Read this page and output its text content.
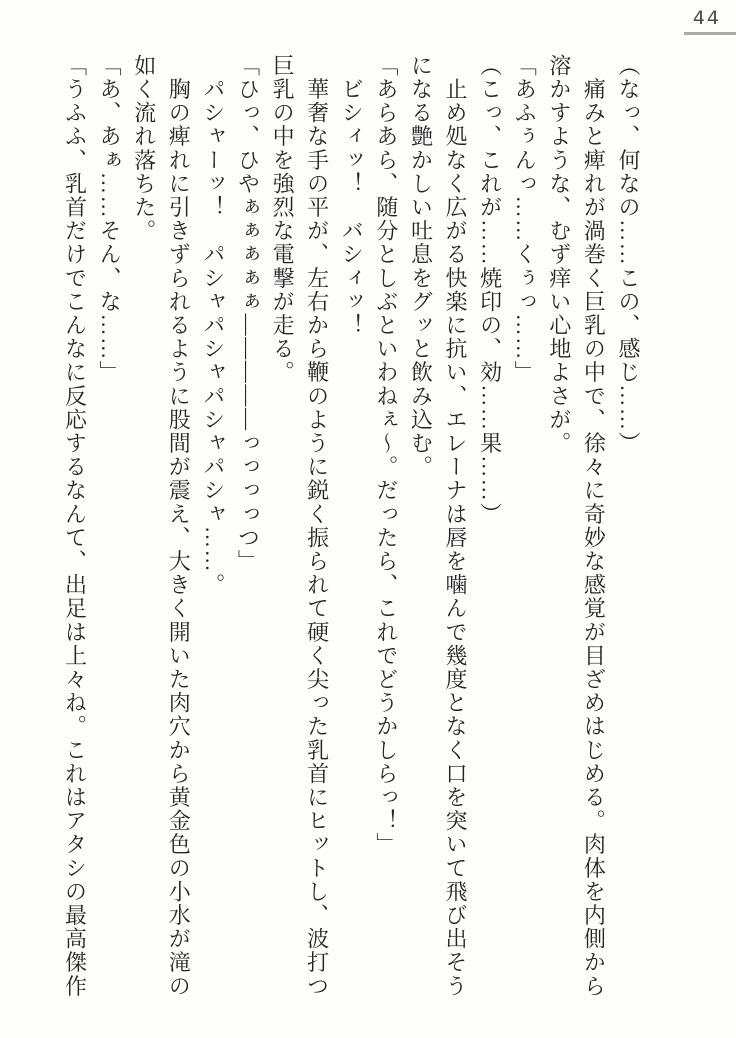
44
（なっ、何なの……この、感じ……）
　痛みと痺れが渦巻く巨乳の中で、徐々に奇妙な感覚が目ざめはじめる。肉体を内側から
溶かすような、むず痒い心地よさが。
「あふぅんっ……くぅっ……」
（こっ、これが……焼印の、効……果……）
　止め処なく広がる快楽に抗い、エレーナは唇を噛んで幾度となく口を突いて飛び出そう
になる艶かしい吐息をグッと飲み込む。
「あらあら、随分としぶといわねぇ〜。だったら、これでどうかしらっ！」
　ビシィッ！　バシィッ！
　華奢な手の平が、左右から鞭のように鋭く振られて硬く尖った乳首にヒットし、波打つ
巨乳の中を強烈な電撃が走る。
「ひっ、ひやぁぁぁぁぁ―――――っっっっつ」
　パシャーッ！　パシャパシャパシャパシャ……。
　胸の痺れに引きずられるように股間が震え、大きく開いた肉穴から黄金色の小水が滝の
如く流れ落ちた。
「あ、あぁ……そん、な……」
「うふふ、乳首だけでこんなに反応するなんて、出足は上々ね。これはアタシの最高傑作
